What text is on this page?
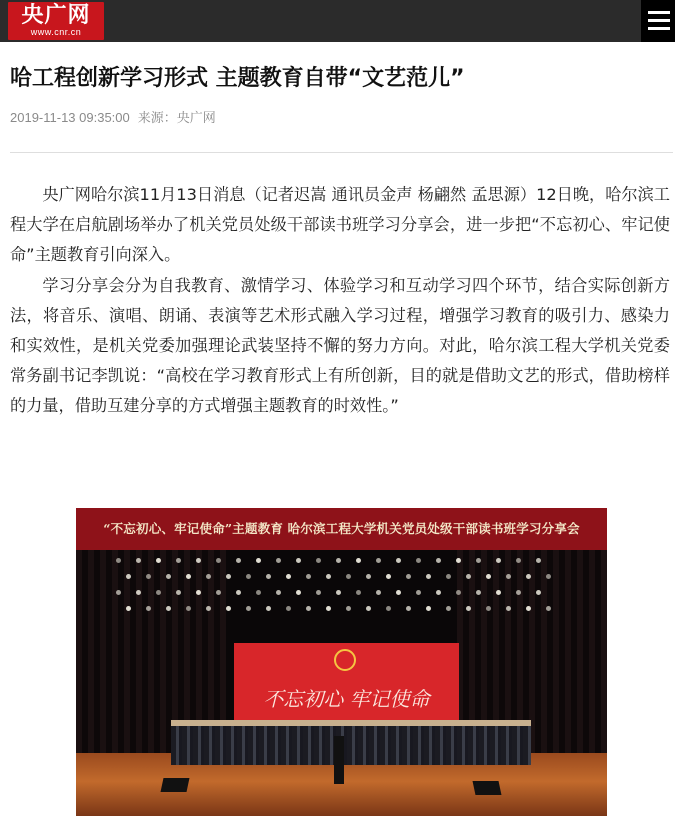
央广网
www.cnr.cn
哈工程创新学习形式 主题教育自带“文艺范儿”
2019-11-13 09:35:00 来源：央广网

央广网哈尔滨11月13日消息（记者迟嵩 通讯员金声 杨翩然 孟思源）12日晚，哈尔滨工程大学在启航剧场举办了机关党员处级干部读书班学习分享会，进一步把“不忘初心、牢记使命”主题教育引向深入。

学习分享会分为自我教育、激情学习、体验学习和互动学习四个环节，结合实际创新方法，将音乐、演唱、朗诵、表演等艺术形式融入学习过程，增强学习教育的吸引力、感染力和实效性，是机关党委加强理论武装坚持不懈的努力方向。对此，哈尔滨工程大学机关党委常务副书记李凯说：“高校在学习教育形式上有所创新，目的就是借助文艺的形式，借助榜样的力量，借助互建分享的方式增强主题教育的时效性。”

“不忘初心、牢记使命”主题教育 哈尔滨工程大学机关党员处级干部读书班学习分享会
不忘初心 牢记使命
